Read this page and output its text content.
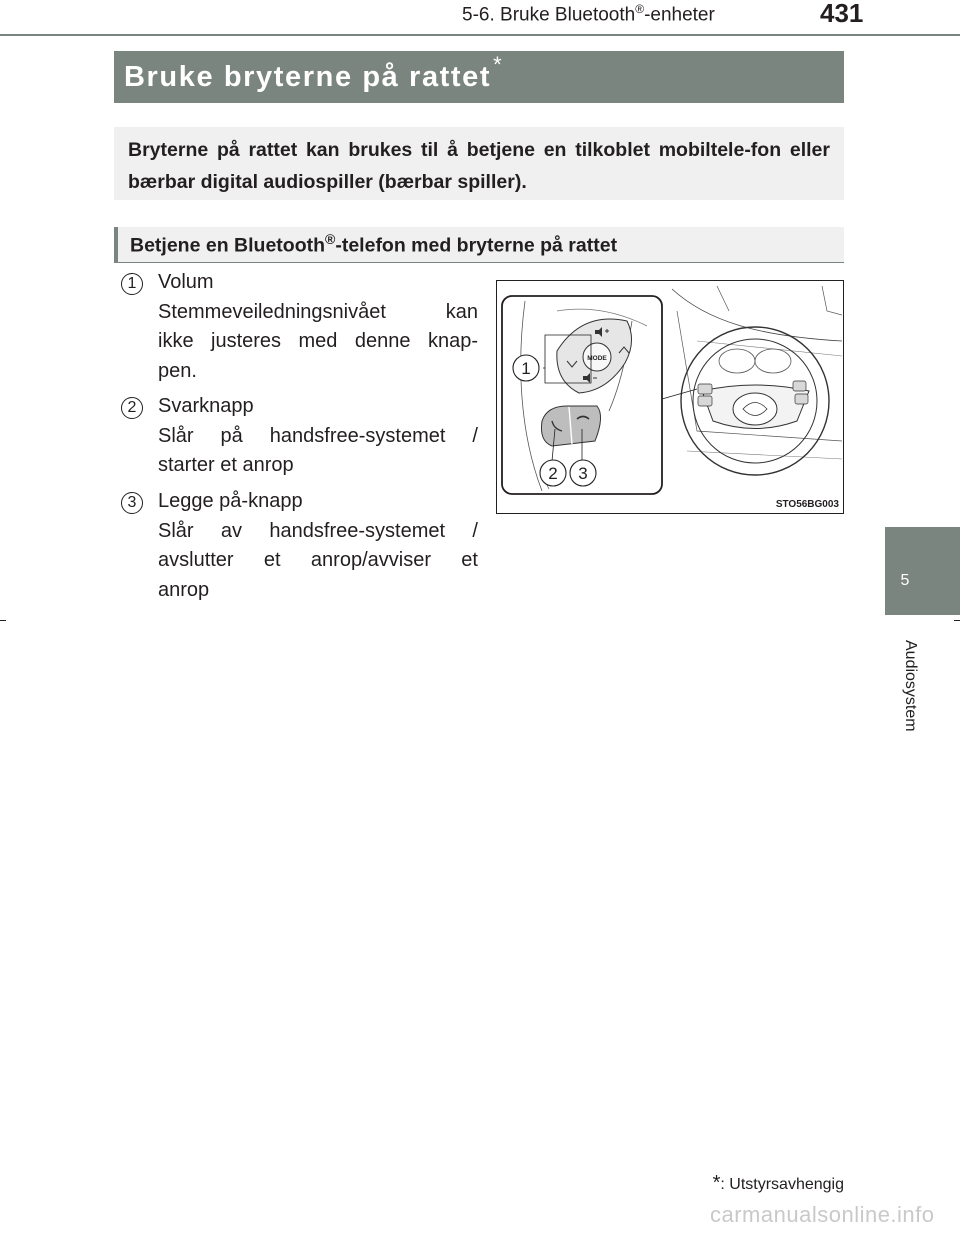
5-6. Bruke Bluetooth®-enheter	431
5
Audiosystem
Bruke bryterne på rattet *
Bryterne på rattet kan brukes til å betjene en tilkoblet mobiltele-fon eller bærbar digital audiospiller (bærbar spiller).
Betjene en Bluetooth®-telefon med bryterne på rattet
1	Volum
Stemmeveiledningsnivået kan
ikke justeres med denne knap-
pen.
2	Svarknapp
Slår på handsfree-systemet /
starter et anrop
3	Legge på-knapp
Slår av handsfree-systemet /
avslutter et anrop/avviser et
anrop
MODE
1
2 3
STO56BG003
*: Utstyrsavhengig
carmanualsonline.info
